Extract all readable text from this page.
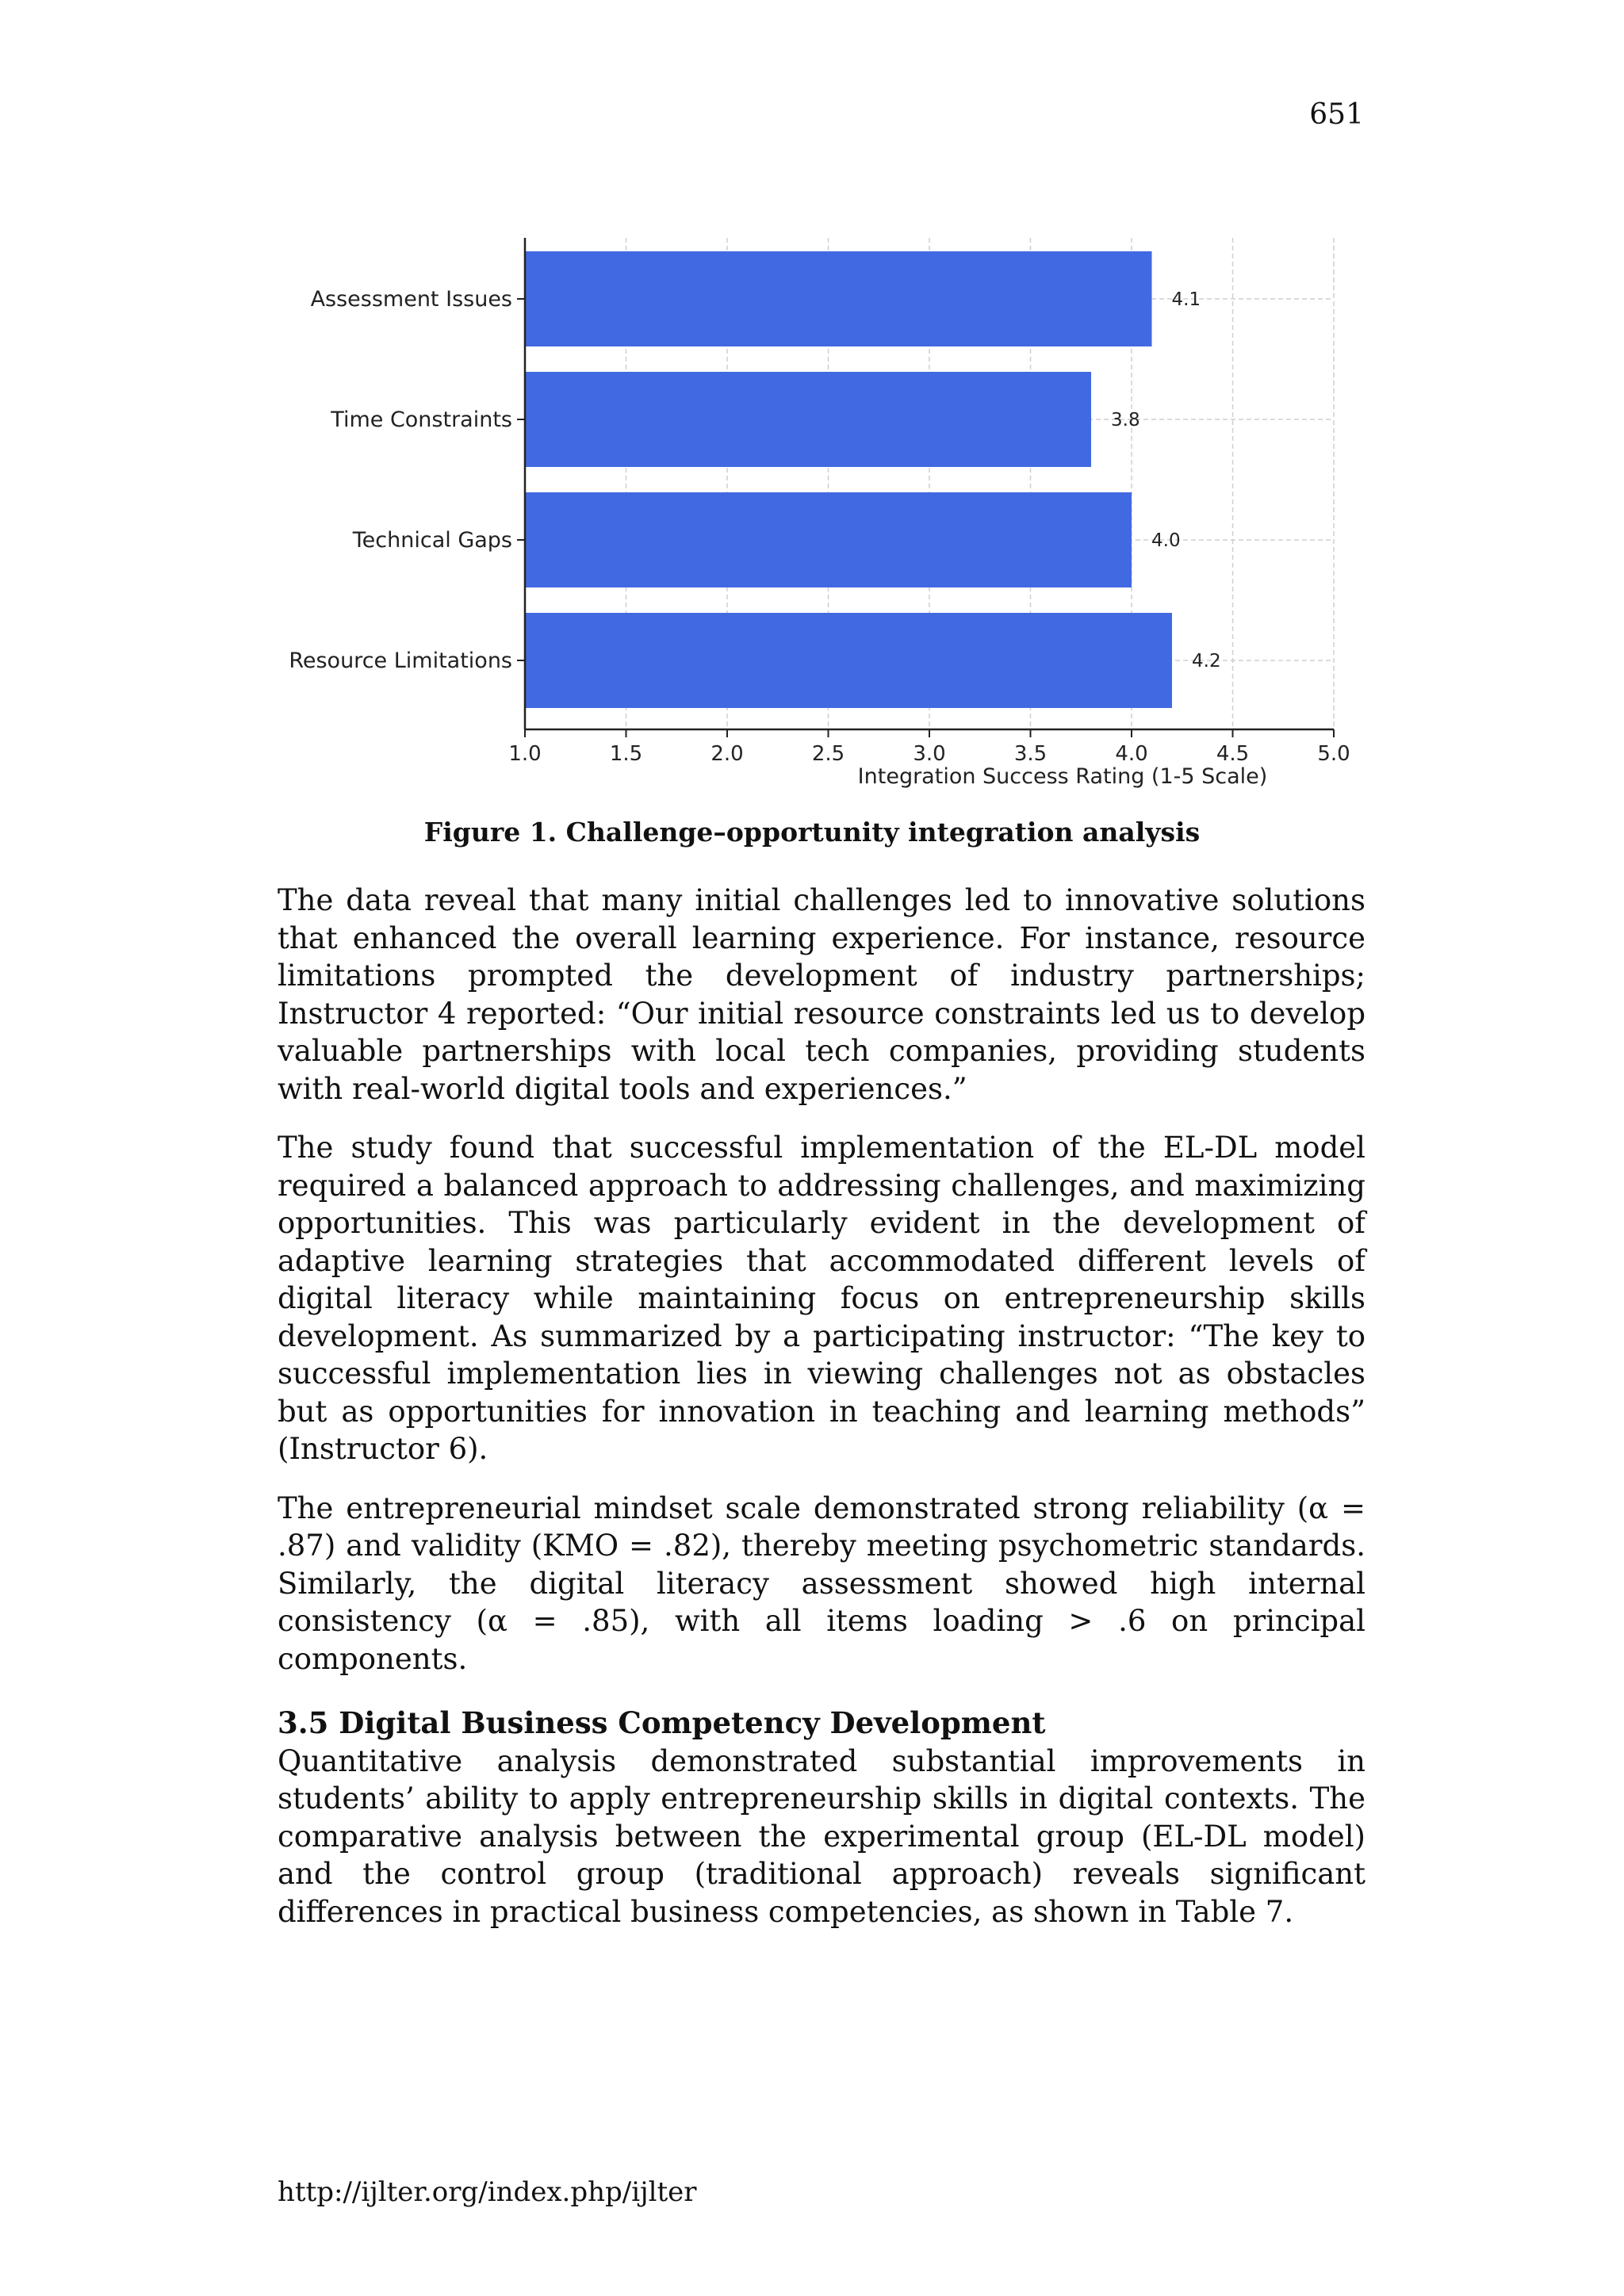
651
4.1
3.8
4.0
4.2
1.0	1.5	2.0	2.5	3.0	3.5	4.0	4.5	5.0
Assessment Issues
Time Constraints
Technical Gaps
Resource Limitations
Integration Success Rating (1-5 Scale)
Figure 1. Challenge–opportunity integration analysis

The data reveal that many initial challenges led to innovative solutions that enhanced the overall learning experience. For instance, resource limitations prompted the development of industry partnerships; Instructor 4 reported: “Our initial resource constraints led us to develop valuable partnerships with local tech companies, providing students with real-world digital tools and experiences.”

The study found that successful implementation of the EL-DL model required a balanced approach to addressing challenges, and maximizing opportunities. This was particularly evident in the development of adaptive learning strategies that accommodated different levels of digital literacy while maintaining focus on entrepreneurship skills development. As summarized by a participating instructor: “The key to successful implementation lies in viewing challenges not as obstacles but as opportunities for innovation in teaching and learning methods” (Instructor 6).

The entrepreneurial mindset scale demonstrated strong reliability (α = .87) and validity (KMO = .82), thereby meeting psychometric standards. Similarly, the digital literacy assessment showed high internal consistency (α = .85), with all items loading > .6 on principal components.

3.5 Digital Business Competency Development

Quantitative analysis demonstrated substantial improvements in students’ ability to apply entrepreneurship skills in digital contexts. The comparative analysis between the experimental group (EL-DL model) and the control group (traditional approach) reveals significant differences in practical business competencies, as shown in Table 7.

http://ijlter.org/index.php/ijlter
